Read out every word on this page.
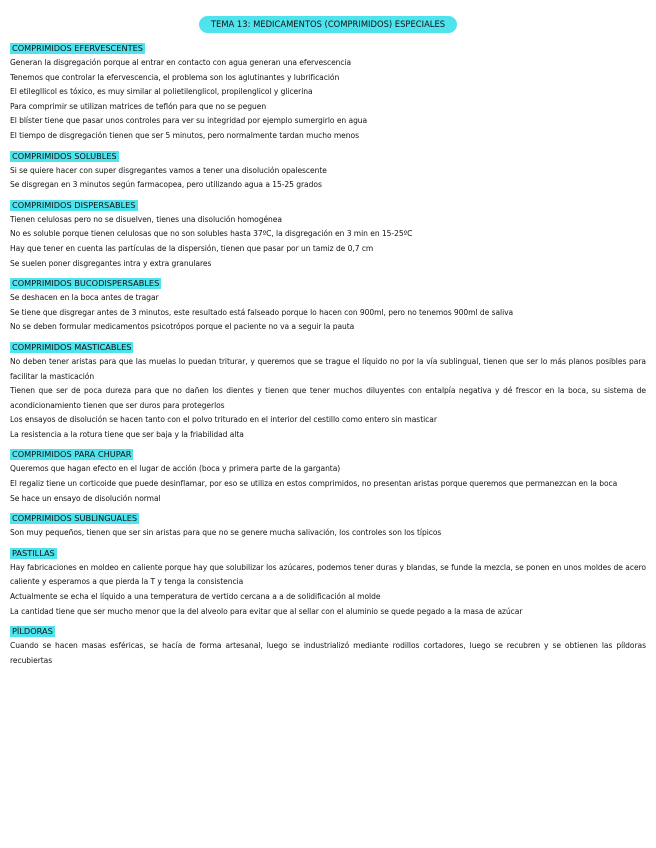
TEMA 13: MEDICAMENTOS (COMPRIMIDOS) ESPECIALES
COMPRIMIDOS EFERVESCENTES
Generan la disgregación porque al entrar en contacto con agua generan una efervescencia
Tenemos que controlar la efervescencia, el problema son los aglutinantes y lubrificación
El etilegllicol es tóxico, es muy similar al polietilenglicol, propilenglicol y glicerina
Para comprimir se utilizan matrices de teflón para que no se peguen
El blíster tiene que pasar unos controles para ver su integridad por ejemplo sumergirlo en agua
El tiempo de disgregación tienen que ser 5 minutos, pero normalmente tardan mucho menos
COMPRIMIDOS SOLUBLES
Si se quiere hacer con super disgregantes vamos a tener una disolución opalescente
Se disgregan en 3 minutos según farmacopea, pero utilizando agua a 15-25 grados
COMPRIMIDOS DISPERSABLES
Tienen celulosas pero no se disuelven, tienes una disolución homogénea
No es soluble porque tienen celulosas que no son solubles hasta 37ºC, la disgregación en 3 min en 15-25ºC
Hay que tener en cuenta las partículas de la dispersión, tienen que pasar por un tamiz de 0,7 cm
Se suelen poner disgregantes intra y extra granulares
COMPRIMIDOS BUCODISPERSABLES
Se deshacen en la boca antes de tragar
Se tiene que disgregar antes de 3 minutos, este resultado está falseado porque lo hacen con 900ml, pero no tenemos 900ml de saliva
No se deben formular medicamentos psicotrópos porque el paciente no va a seguir la pauta
COMPRIMIDOS MASTICABLES
No deben tener aristas para que las muelas lo puedan triturar, y queremos que se trague el líquido no por la vía sublingual, tienen que ser lo más planos posibles para facilitar la masticación
Tienen que ser de poca dureza para que no dañen los dientes y tienen que tener muchos diluyentes con entalpía negativa y dé frescor en la boca, su sistema de acondicionamiento tienen que ser duros para protegerlos
Los ensayos de disolución se hacen tanto con el polvo triturado en el interior del cestillo como entero sin masticar
La resistencia a la rotura tiene que ser baja y la friabilidad alta
COMPRIMIDOS PARA CHUPAR
Queremos que hagan efecto en el lugar de acción (boca y primera parte de la garganta)
El regaliz tiene un corticoide que puede desinflamar, por eso se utiliza en estos comprimidos, no presentan aristas porque queremos que permanezcan en la boca
Se hace un ensayo de disolución normal
COMPRIMIDOS SUBLINGUALES
Son muy pequeños, tienen que ser sin aristas para que no se genere mucha salivación, los controles son los típicos
PASTILLAS
Hay fabricaciones en moldeo en caliente porque hay que solubilizar los azúcares, podemos tener duras y blandas, se funde la mezcla, se ponen en unos moldes de acero caliente y esperamos a que pierda la T y tenga la consistencia
Actualmente se echa el líquido a una temperatura de vertido cercana a a de solidificación al molde
La cantidad tiene que ser mucho menor que la del alveolo para evitar que al sellar con el aluminio se quede pegado a la masa de azúcar
PÍLDORAS
Cuando se hacen masas esféricas, se hacía de forma artesanal, luego se industrializó mediante rodillos cortadores, luego se recubren y se obtienen las píldoras recubiertas
